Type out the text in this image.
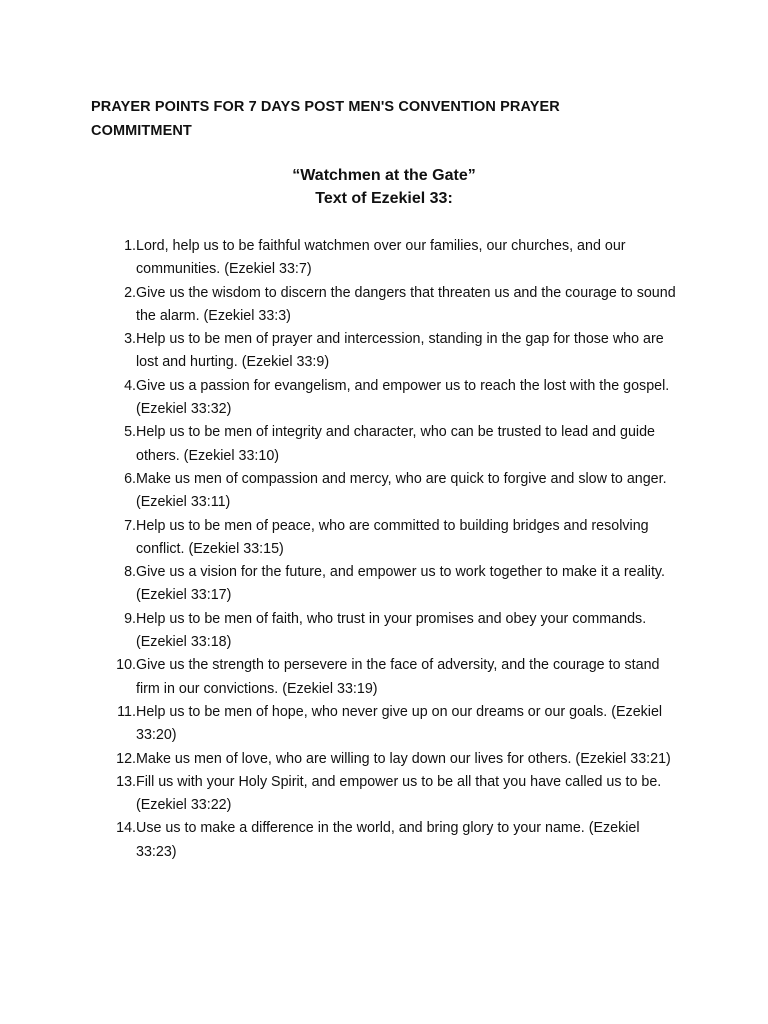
PRAYER POINTS FOR 7 DAYS POST MEN'S CONVENTION PRAYER COMMITMENT
“Watchmen at the Gate”
Text of Ezekiel 33:
1. Lord, help us to be faithful watchmen over our families, our churches, and our communities. (Ezekiel 33:7)
2. Give us the wisdom to discern the dangers that threaten us and the courage to sound the alarm. (Ezekiel 33:3)
3. Help us to be men of prayer and intercession, standing in the gap for those who are lost and hurting. (Ezekiel 33:9)
4. Give us a passion for evangelism, and empower us to reach the lost with the gospel. (Ezekiel 33:32)
5. Help us to be men of integrity and character, who can be trusted to lead and guide others. (Ezekiel 33:10)
6. Make us men of compassion and mercy, who are quick to forgive and slow to anger. (Ezekiel 33:11)
7. Help us to be men of peace, who are committed to building bridges and resolving conflict. (Ezekiel 33:15)
8. Give us a vision for the future, and empower us to work together to make it a reality. (Ezekiel 33:17)
9. Help us to be men of faith, who trust in your promises and obey your commands. (Ezekiel 33:18)
10. Give us the strength to persevere in the face of adversity, and the courage to stand firm in our convictions. (Ezekiel 33:19)
11. Help us to be men of hope, who never give up on our dreams or our goals. (Ezekiel 33:20)
12. Make us men of love, who are willing to lay down our lives for others. (Ezekiel 33:21)
13. Fill us with your Holy Spirit, and empower us to be all that you have called us to be. (Ezekiel 33:22)
14. Use us to make a difference in the world, and bring glory to your name. (Ezekiel 33:23)
